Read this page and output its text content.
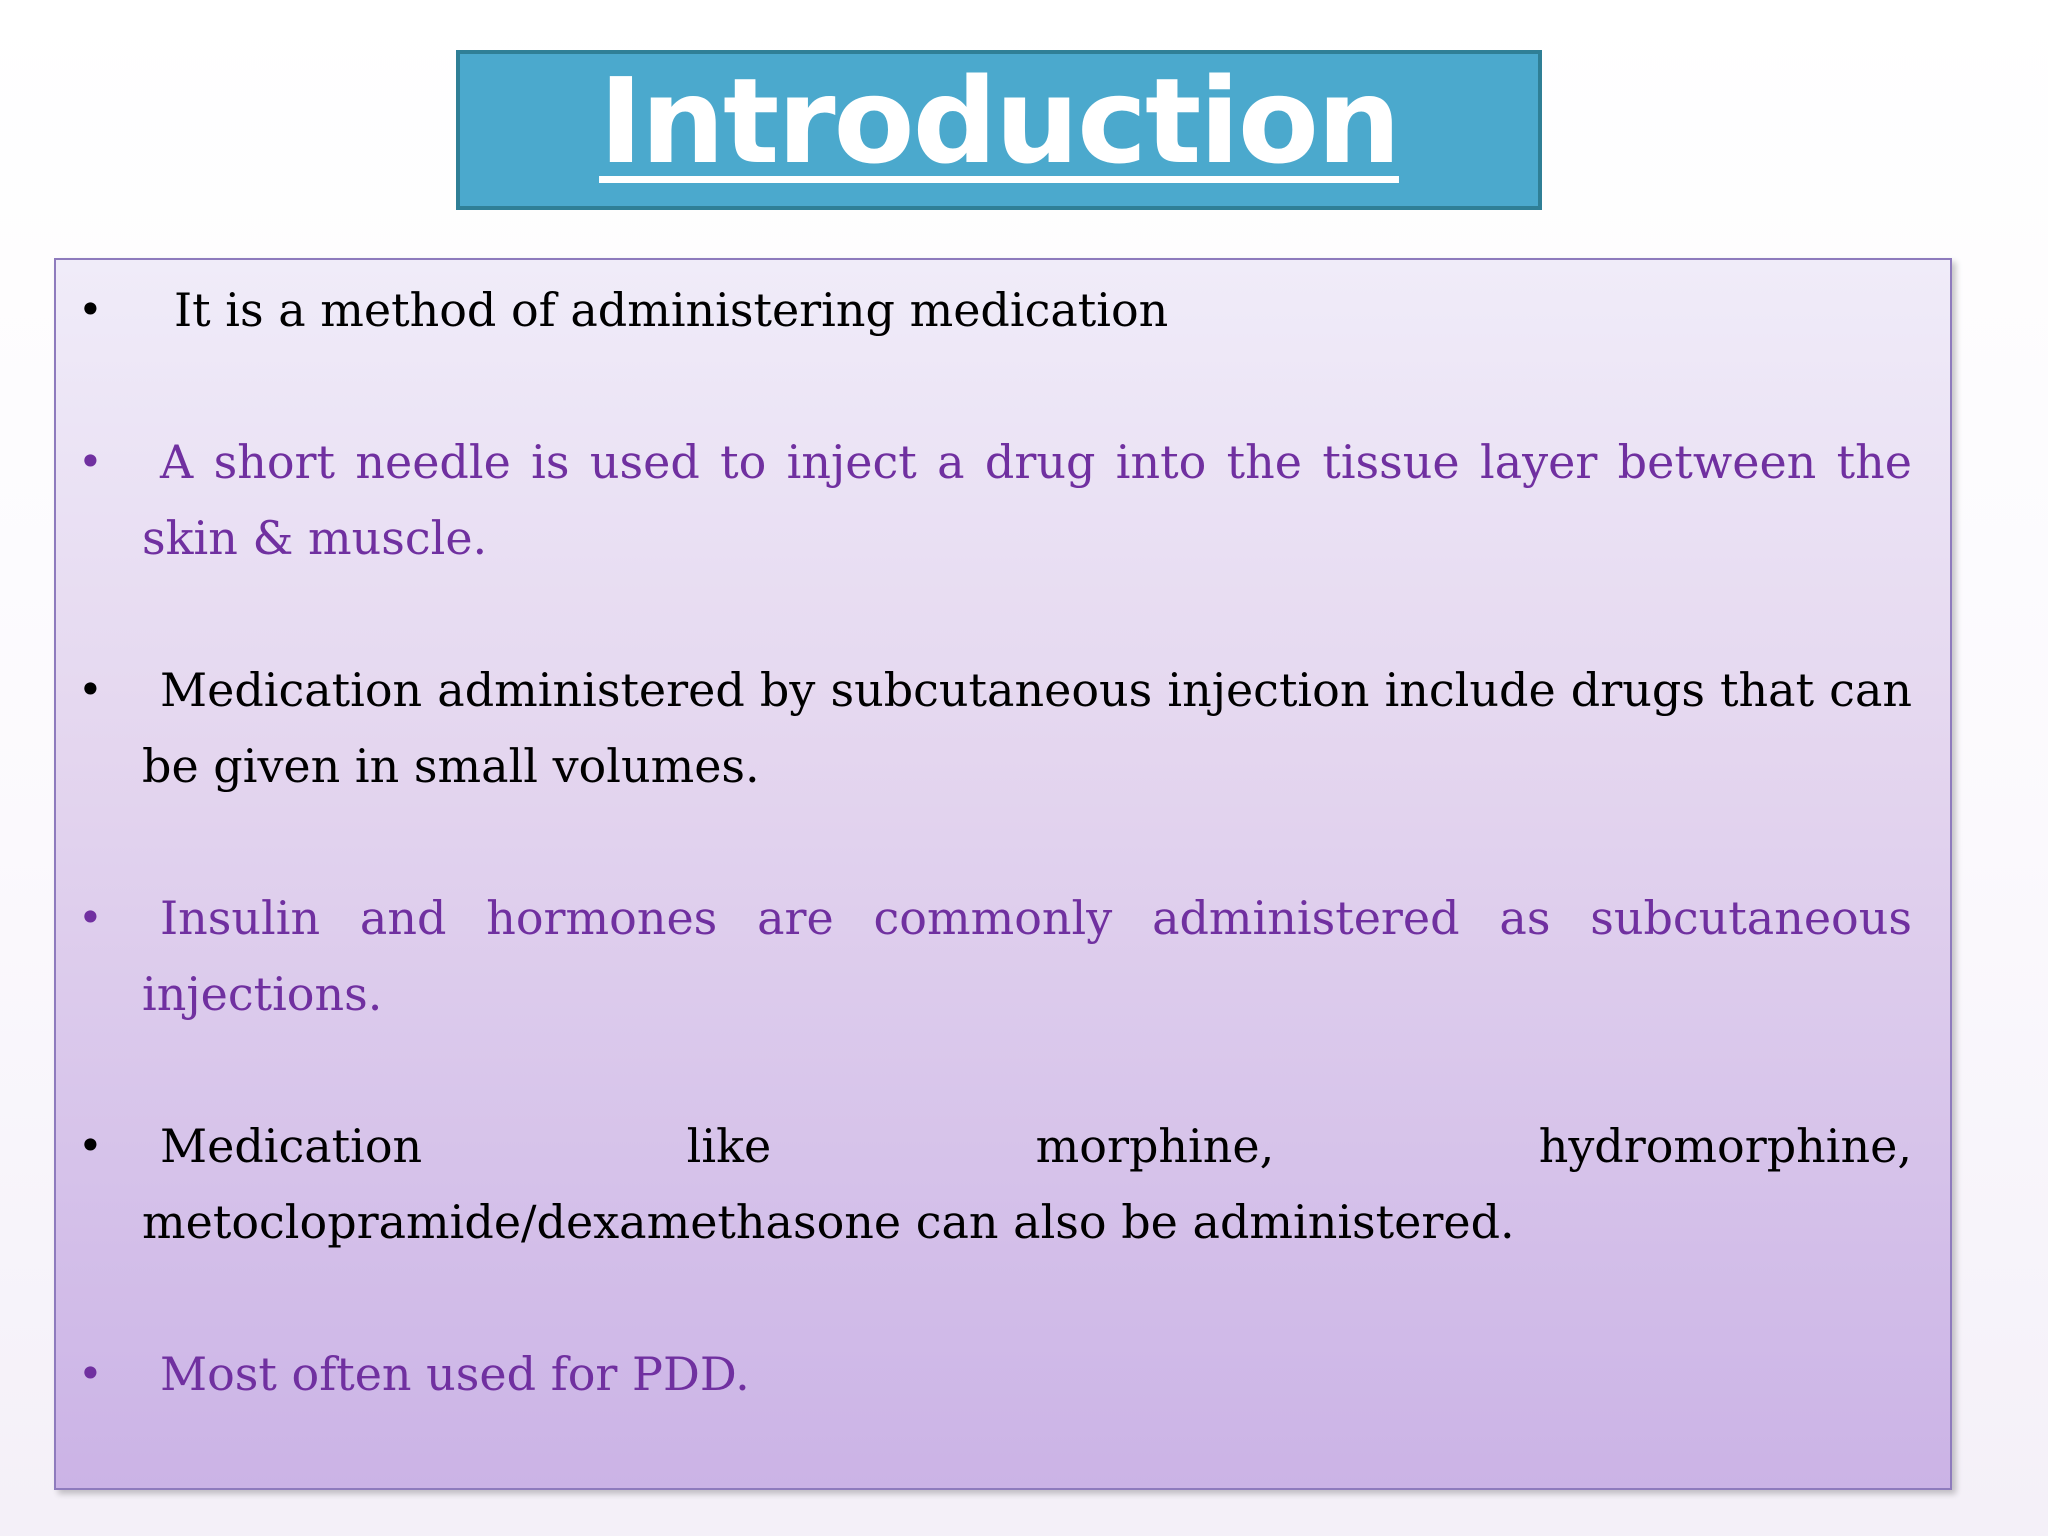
Introduction
•	It is a method of administering medication
•	A short needle is used to inject a drug into the tissue layer between the skin & muscle.
•	Medication administered by subcutaneous injection include drugs that can be given in small volumes.
•	Insulin and hormones are commonly administered as subcutaneous injections.
•	Medication like morphine, hydromorphine, metoclopramide/dexamethasone can also be administered.
•	Most often used for PDD.
